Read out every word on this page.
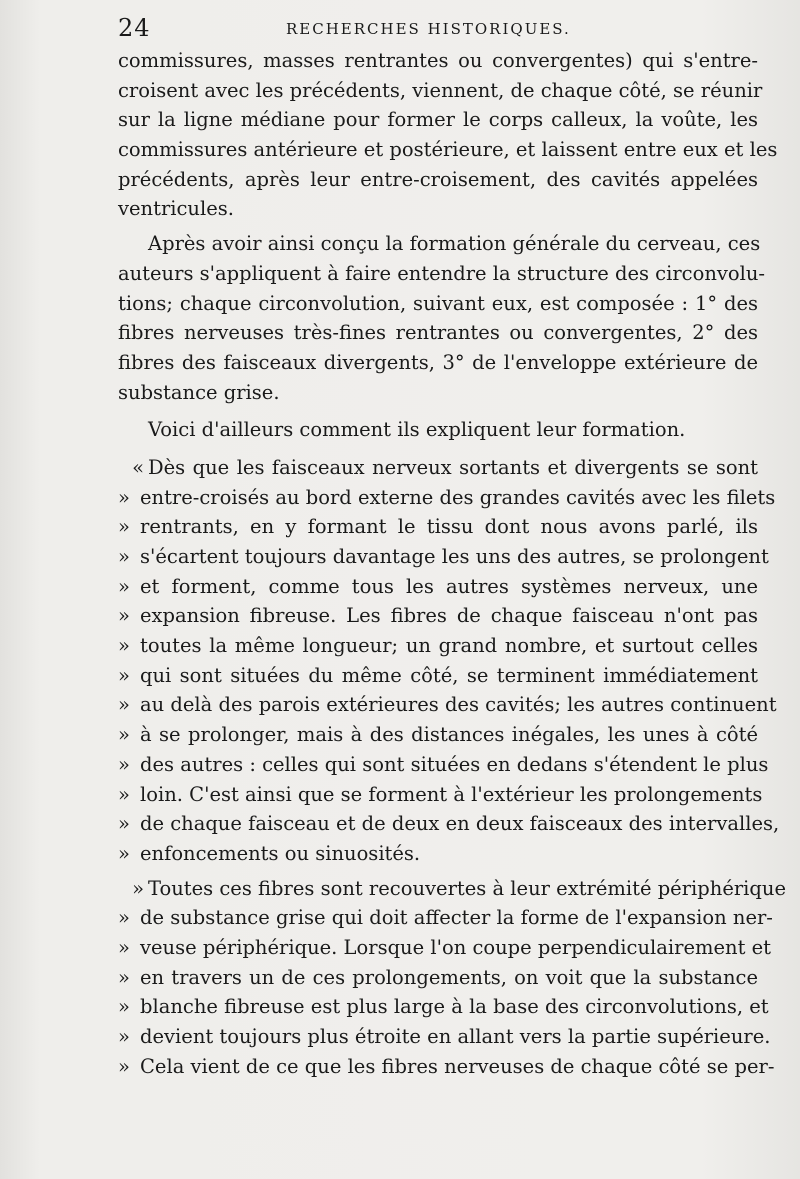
24	RECHERCHES HISTORIQUES.
commissures, masses rentrantes ou convergentes) qui s'entre-
croisent avec les précédents, viennent, de chaque côté, se réunir
sur la ligne médiane pour former le corps calleux, la voûte, les
commissures antérieure et postérieure, et laissent entre eux et les
précédents, après leur entre-croisement, des cavités appelées
ventricules.
Après avoir ainsi conçu la formation générale du cerveau, ces
auteurs s'appliquent à faire entendre la structure des circonvolu-
tions; chaque circonvolution, suivant eux, est composée : 1° des
fibres nerveuses très-fines rentrantes ou convergentes, 2° des
fibres des faisceaux divergents, 3° de l'enveloppe extérieure de
substance grise.
Voici d'ailleurs comment ils expliquent leur formation.
« Dès que les faisceaux nerveux sortants et divergents se sont
» entre-croisés au bord externe des grandes cavités avec les filets
» rentrants, en y formant le tissu dont nous avons parlé, ils
» s'écartent toujours davantage les uns des autres, se prolongent
» et forment, comme tous les autres systèmes nerveux, une
» expansion fibreuse. Les fibres de chaque faisceau n'ont pas
» toutes la même longueur; un grand nombre, et surtout celles
» qui sont situées du même côté, se terminent immédiatement
» au delà des parois extérieures des cavités; les autres continuent
» à se prolonger, mais à des distances inégales, les unes à côté
» des autres : celles qui sont situées en dedans s'étendent le plus
» loin. C'est ainsi que se forment à l'extérieur les prolongements
» de chaque faisceau et de deux en deux faisceaux des intervalles,
» enfoncements ou sinuosités.
» Toutes ces fibres sont recouvertes à leur extrémité périphérique
» de substance grise qui doit affecter la forme de l'expansion ner-
» veuse périphérique. Lorsque l'on coupe perpendiculairement et
» en travers un de ces prolongements, on voit que la substance
» blanche fibreuse est plus large à la base des circonvolutions, et
» devient toujours plus étroite en allant vers la partie supérieure.
» Cela vient de ce que les fibres nerveuses de chaque côté se per-
